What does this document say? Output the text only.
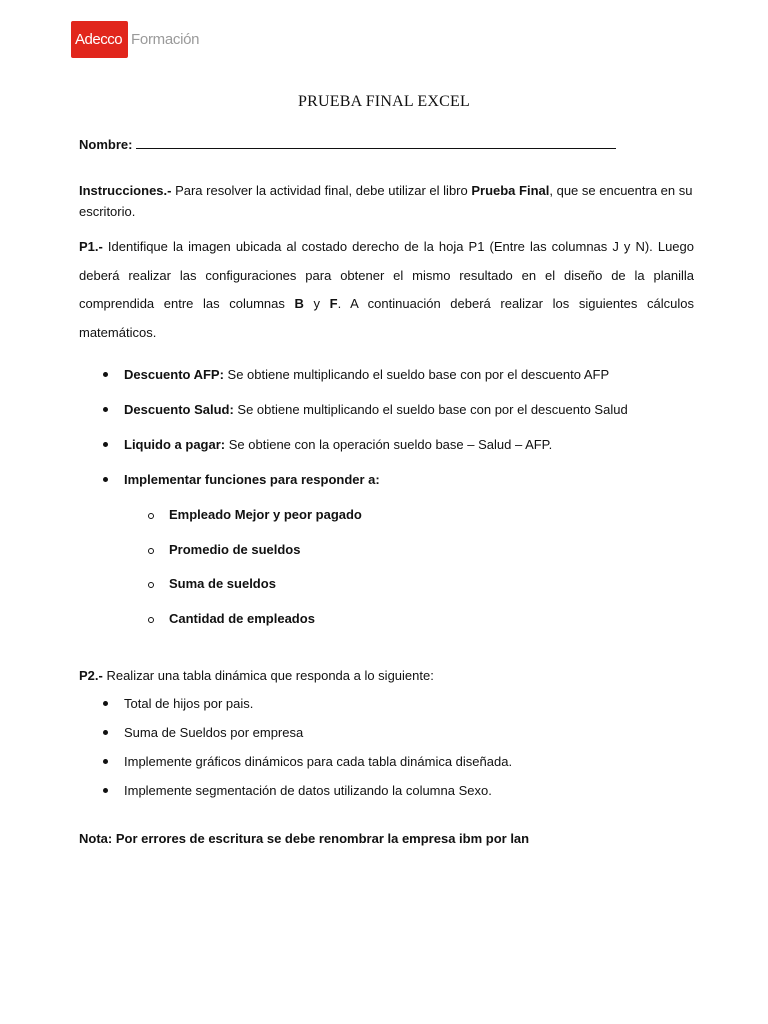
Adecco Formación
PRUEBA FINAL EXCEL
Nombre:
Instrucciones.- Para resolver la actividad final, debe utilizar el libro Prueba Final, que se encuentra en su escritorio.
P1.- Identifique la imagen ubicada al costado derecho de la hoja P1 (Entre las columnas J y N). Luego deberá realizar las configuraciones para obtener el mismo resultado en el diseño de la planilla comprendida entre las columnas B y F. A continuación deberá realizar los siguientes cálculos matemáticos.
Descuento AFP: Se obtiene multiplicando el sueldo base con por el descuento AFP
Descuento Salud: Se obtiene multiplicando el sueldo base con por el descuento Salud
Liquido a pagar: Se obtiene con la operación sueldo base – Salud – AFP.
Implementar funciones para responder a:
Empleado Mejor y peor pagado
Promedio de sueldos
Suma de sueldos
Cantidad de empleados
P2.- Realizar una tabla dinámica que responda a lo siguiente:
Total de hijos por pais.
Suma de Sueldos por empresa
Implemente gráficos dinámicos para cada tabla dinámica diseñada.
Implemente segmentación de datos utilizando la columna Sexo.
Nota: Por errores de escritura se debe renombrar la empresa ibm por lan
